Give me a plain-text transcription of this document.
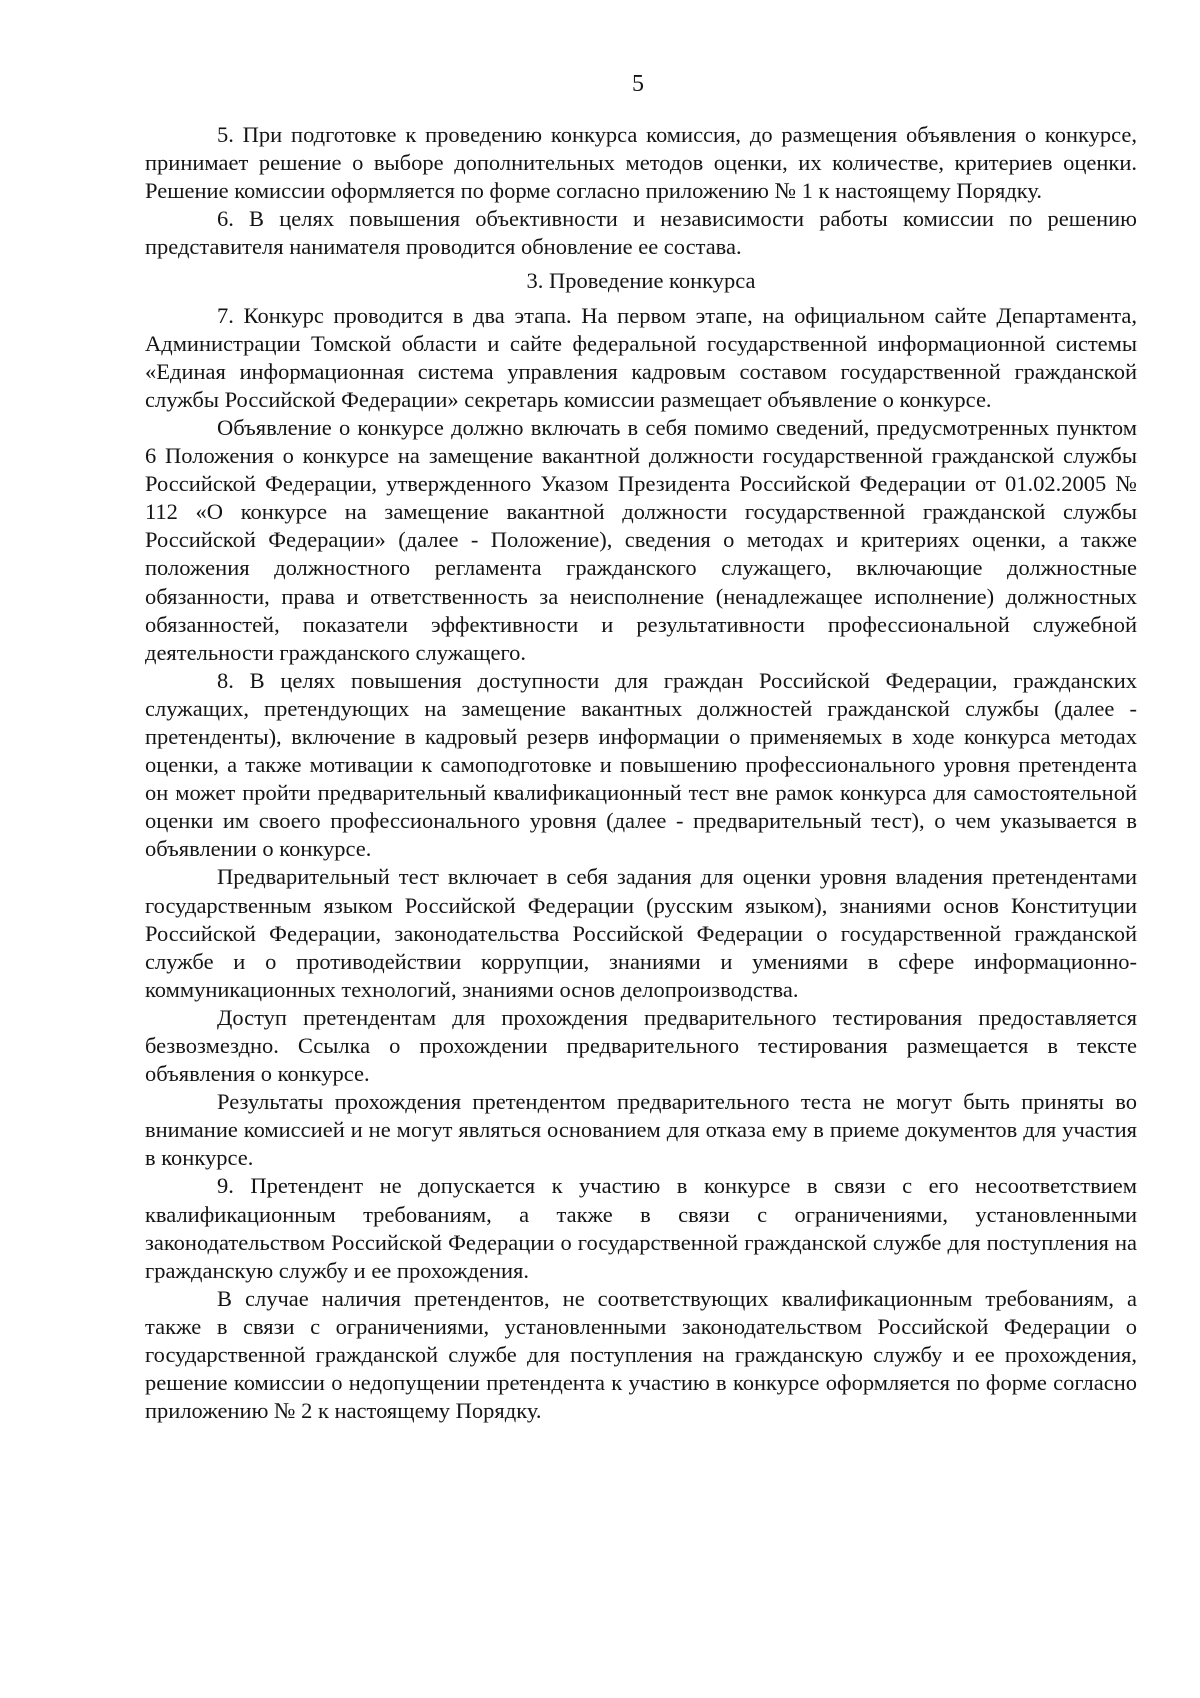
5

5. При подготовке к проведению конкурса комиссия, до размещения объявления о конкурсе, принимает решение о выборе дополнительных методов оценки, их количестве, критериев оценки. Решение комиссии оформляется по форме согласно приложению № 1 к настоящему Порядку.

6. В целях повышения объективности и независимости работы комиссии по решению представителя нанимателя проводится обновление ее состава.

3. Проведение конкурса

7. Конкурс проводится в два этапа. На первом этапе, на официальном сайте Департамента, Администрации Томской области и сайте федеральной государственной информационной системы «Единая информационная система управления кадровым составом государственной гражданской службы Российской Федерации» секретарь комиссии размещает объявление о конкурсе.

Объявление о конкурсе должно включать в себя помимо сведений, предусмотренных пунктом 6 Положения о конкурсе на замещение вакантной должности государственной гражданской службы Российской Федерации, утвержденного Указом Президента Российской Федерации от 01.02.2005 № 112 «О конкурсе на замещение вакантной должности государственной гражданской службы Российской Федерации» (далее - Положение), сведения о методах и критериях оценки, а также положения должностного регламента гражданского служащего, включающие должностные обязанности, права и ответственность за неисполнение (ненадлежащее исполнение) должностных обязанностей, показатели эффективности и результативности профессиональной служебной деятельности гражданского служащего.

8. В целях повышения доступности для граждан Российской Федерации, гражданских служащих, претендующих на замещение вакантных должностей гражданской службы (далее - претенденты), включение в кадровый резерв информации о применяемых в ходе конкурса методах оценки, а также мотивации к самоподготовке и повышению профессионального уровня претендента он может пройти предварительный квалификационный тест вне рамок конкурса для самостоятельной оценки им своего профессионального уровня (далее - предварительный тест), о чем указывается в объявлении о конкурсе.

Предварительный тест включает в себя задания для оценки уровня владения претендентами государственным языком Российской Федерации (русским языком), знаниями основ Конституции Российской Федерации, законодательства Российской Федерации о государственной гражданской службе и о противодействии коррупции, знаниями и умениями в сфере информационно-коммуникационных технологий, знаниями основ делопроизводства.

Доступ претендентам для прохождения предварительного тестирования предоставляется безвозмездно. Ссылка о прохождении предварительного тестирования размещается в тексте объявления о конкурсе.

Результаты прохождения претендентом предварительного теста не могут быть приняты во внимание комиссией и не могут являться основанием для отказа ему в приеме документов для участия в конкурсе.

9. Претендент не допускается к участию в конкурсе в связи с его несоответствием квалификационным требованиям, а также в связи с ограничениями, установленными законодательством Российской Федерации о государственной гражданской службе для поступления на гражданскую службу и ее прохождения.

В случае наличия претендентов, не соответствующих квалификационным требованиям, а также в связи с ограничениями, установленными законодательством Российской Федерации о государственной гражданской службе для поступления на гражданскую службу и ее прохождения, решение комиссии о недопущении претендента к участию в конкурсе оформляется по форме согласно приложению № 2 к настоящему Порядку.
